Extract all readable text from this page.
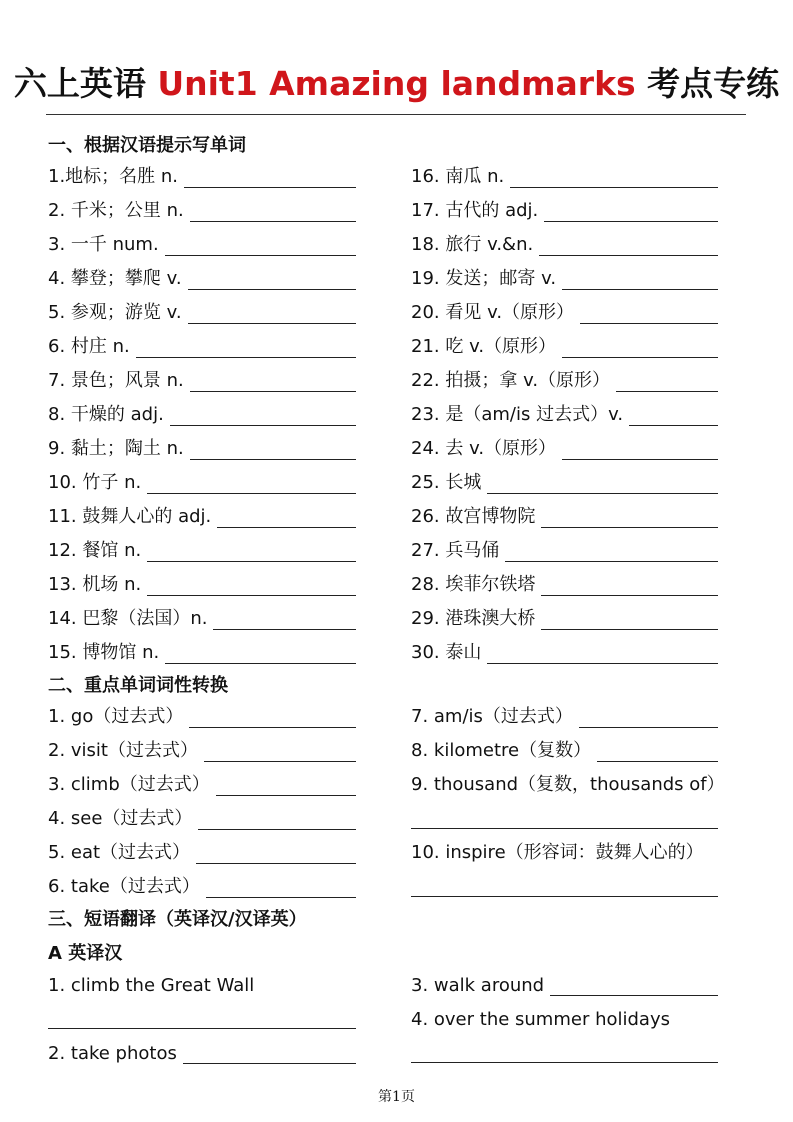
六上英语 Unit1 Amazing landmarks 考点专练
一、根据汉语提示写单词
1.地标；名胜 n.
2. 千米；公里 n.
3. 一千 num.
4. 攀登；攀爬 v.
5. 参观；游览 v.
6. 村庄 n.
7. 景色；风景 n.
8. 干燥的 adj.
9. 黏土；陶土 n.
10. 竹子 n.
11. 鼓舞人心的 adj.
12. 餐馆 n.
13. 机场 n.
14. 巴黎（法国）n.
15. 博物馆 n.
16. 南瓜 n.
17. 古代的 adj.
18. 旅行 v.&n.
19. 发送；邮寄 v.
20. 看见 v.（原形）
21. 吃 v.（原形）
22. 拍摄；拿 v.（原形）
23. 是（am/is 过去式）v.
24. 去 v.（原形）
25. 长城
26. 故宫博物院
27. 兵马俑
28. 埃菲尔铁塔
29. 港珠澳大桥
30. 泰山
二、重点单词词性转换
1. go（过去式）
2. visit（过去式）
3. climb（过去式）
4. see（过去式）
5. eat（过去式）
6. take（过去式）
7. am/is（过去式）
8. kilometre（复数）
9. thousand（复数，thousands of）
10. inspire（形容词：鼓舞人心的）
三、短语翻译（英译汉/汉译英）
A 英译汉
1. climb the Great Wall
2. take photos
3. walk around
4. over the summer holidays
第1页
